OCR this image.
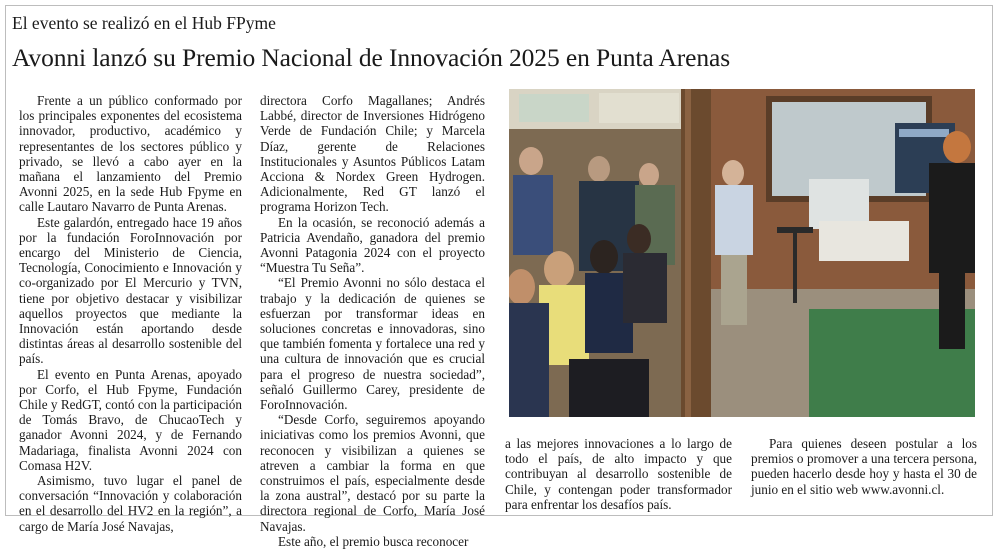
El evento se realizó en el Hub FPyme
Avonni lanzó su Premio Nacional de Innovación 2025 en Punta Arenas

Frente a un público conformado por los principales exponentes del ecosistema innovador, productivo, académico y representantes de los sectores público y privado, se llevó a cabo ayer en la mañana el lanzamiento del Premio Avonni 2025, en la sede Hub Fpyme en calle Lautaro Navarro de Punta Arenas.

Este galardón, entregado hace 19 años por la fundación ForoInnovación por encargo del Ministerio de Ciencia, Tecnología, Conocimiento e Innovación y co-organizado por El Mercurio y TVN, tiene por objetivo destacar y visibilizar aquellos proyectos que mediante la Innovación están aportando desde distintas áreas al desarrollo sostenible del país.

El evento en Punta Arenas, apoyado por Corfo, el Hub Fpyme, Fundación Chile y RedGT, contó con la participación de Tomás Bravo, de ChucaoTech y ganador Avonni 2024, y de Fernando Madariaga, finalista Avonni 2024 con Comasa H2V.

Asimismo, tuvo lugar el panel de conversación “Innovación y colaboración en el desarrollo del HV2 en la región”, a cargo de María José Navajas,

directora Corfo Magallanes; Andrés Labbé, director de Inversiones Hidrógeno Verde de Fundación Chile; y Marcela Díaz, gerente de Relaciones Institucionales y Asuntos Públicos Latam Acciona & Nordex Green Hydrogen. Adicionalmente, Red GT lanzó el programa Horizon Tech.

En la ocasión, se reconoció además a Patricia Avendaño, ganadora del premio Avonni Patagonia 2024 con el proyecto “Muestra Tu Seña”.

“El Premio Avonni no sólo destaca el trabajo y la dedicación de quienes se esfuerzan por transformar ideas en soluciones concretas e innovadoras, sino que también fomenta y fortalece una red y una cultura de innovación que es crucial para el progreso de nuestra sociedad”, señaló Guillermo Carey, presidente de ForoInnovación.

“Desde Corfo, seguiremos apoyando iniciativas como los premios Avonni, que reconocen y visibilizan a quienes se atreven a cambiar la forma en que construimos el país, especialmente desde la zona austral”, destacó por su parte la directora regional de Corfo, María José Navajas.

Este año, el premio busca reconocer

a las mejores innovaciones a lo largo de todo el país, de alto impacto y que contribuyan al desarrollo sostenible de Chile, y contengan poder transformador para enfrentar los desafíos país.

Para quienes deseen postular a los premios o promover a una tercera persona, pueden hacerlo desde hoy y hasta el 30 de junio en el sitio web www.avonni.cl.
